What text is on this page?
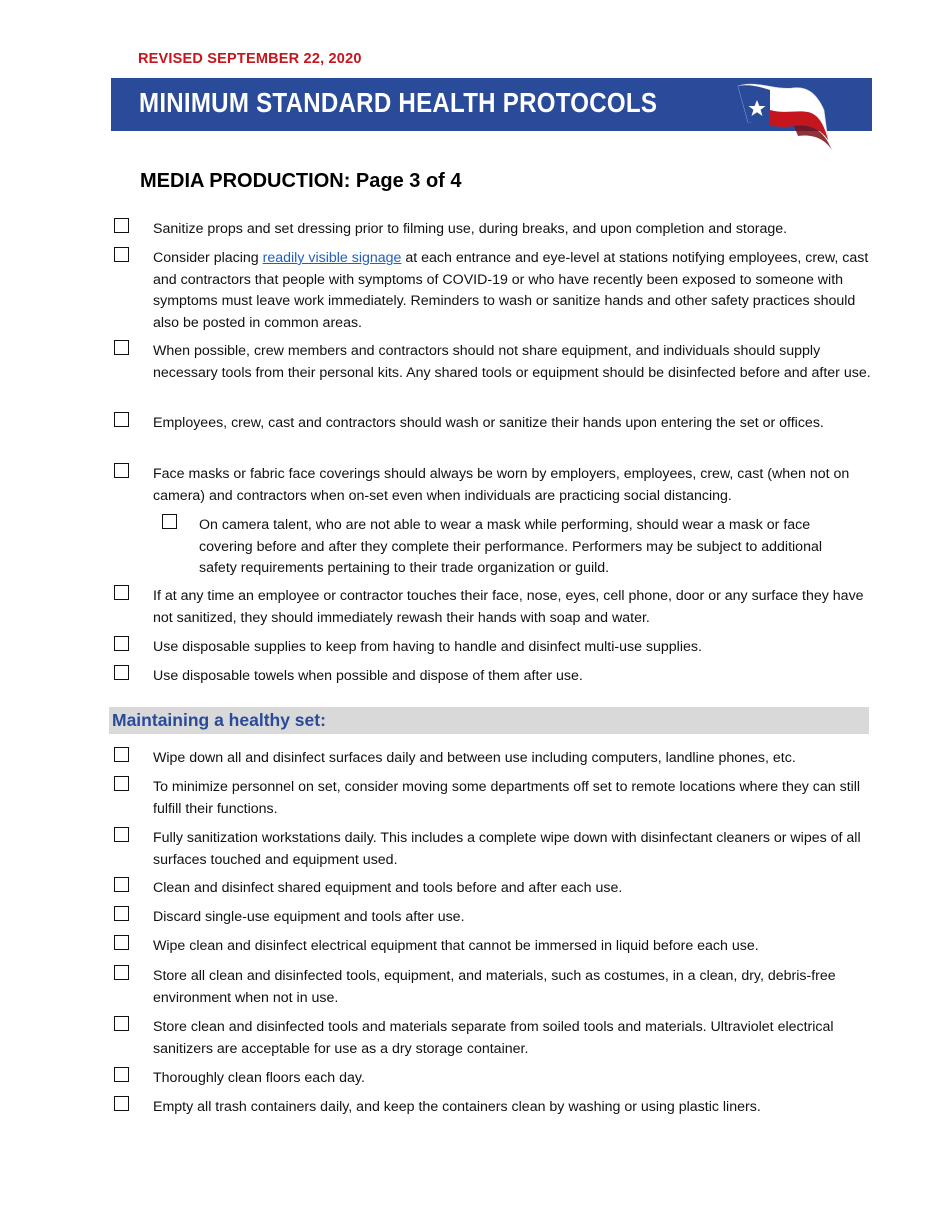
REVISED SEPTEMBER 22, 2020
MINIMUM STANDARD HEALTH PROTOCOLS
MEDIA PRODUCTION: Page 3 of 4
Sanitize props and set dressing prior to filming use, during breaks, and upon completion and storage.
Consider placing readily visible signage at each entrance and eye-level at stations notifying employees, crew, cast and contractors that people with symptoms of COVID-19 or who have recently been exposed to someone with symptoms must leave work immediately. Reminders to wash or sanitize hands and other safety practices should also be posted in common areas.
When possible, crew members and contractors should not share equipment, and individuals should supply necessary tools from their personal kits. Any shared tools or equipment should be disinfected before and after use.
Employees, crew, cast and contractors should wash or sanitize their hands upon entering the set or offices.
Face masks or fabric face coverings should always be worn by employers, employees, crew, cast (when not on camera) and contractors when on-set even when individuals are practicing social distancing.
On camera talent, who are not able to wear a mask while performing, should wear a mask or face covering before and after they complete their performance. Performers may be subject to additional safety requirements pertaining to their trade organization or guild.
If at any time an employee or contractor touches their face, nose, eyes, cell phone, door or any surface they have not sanitized, they should immediately rewash their hands with soap and water.
Use disposable supplies to keep from having to handle and disinfect multi-use supplies.
Use disposable towels when possible and dispose of them after use.
Maintaining a healthy set:
Wipe down all and disinfect surfaces daily and between use including computers, landline phones, etc.
To minimize personnel on set, consider moving some departments off set to remote locations where they can still fulfill their functions.
Fully sanitization workstations daily. This includes a complete wipe down with disinfectant cleaners or wipes of all surfaces touched and equipment used.
Clean and disinfect shared equipment and tools before and after each use.
Discard single-use equipment and tools after use.
Wipe clean and disinfect electrical equipment that cannot be immersed in liquid before each use.
Store all clean and disinfected tools, equipment, and materials, such as costumes, in a clean, dry, debris-free environment when not in use.
Store clean and disinfected tools and materials separate from soiled tools and materials. Ultraviolet electrical sanitizers are acceptable for use as a dry storage container.
Thoroughly clean floors each day.
Empty all trash containers daily, and keep the containers clean by washing or using plastic liners.
